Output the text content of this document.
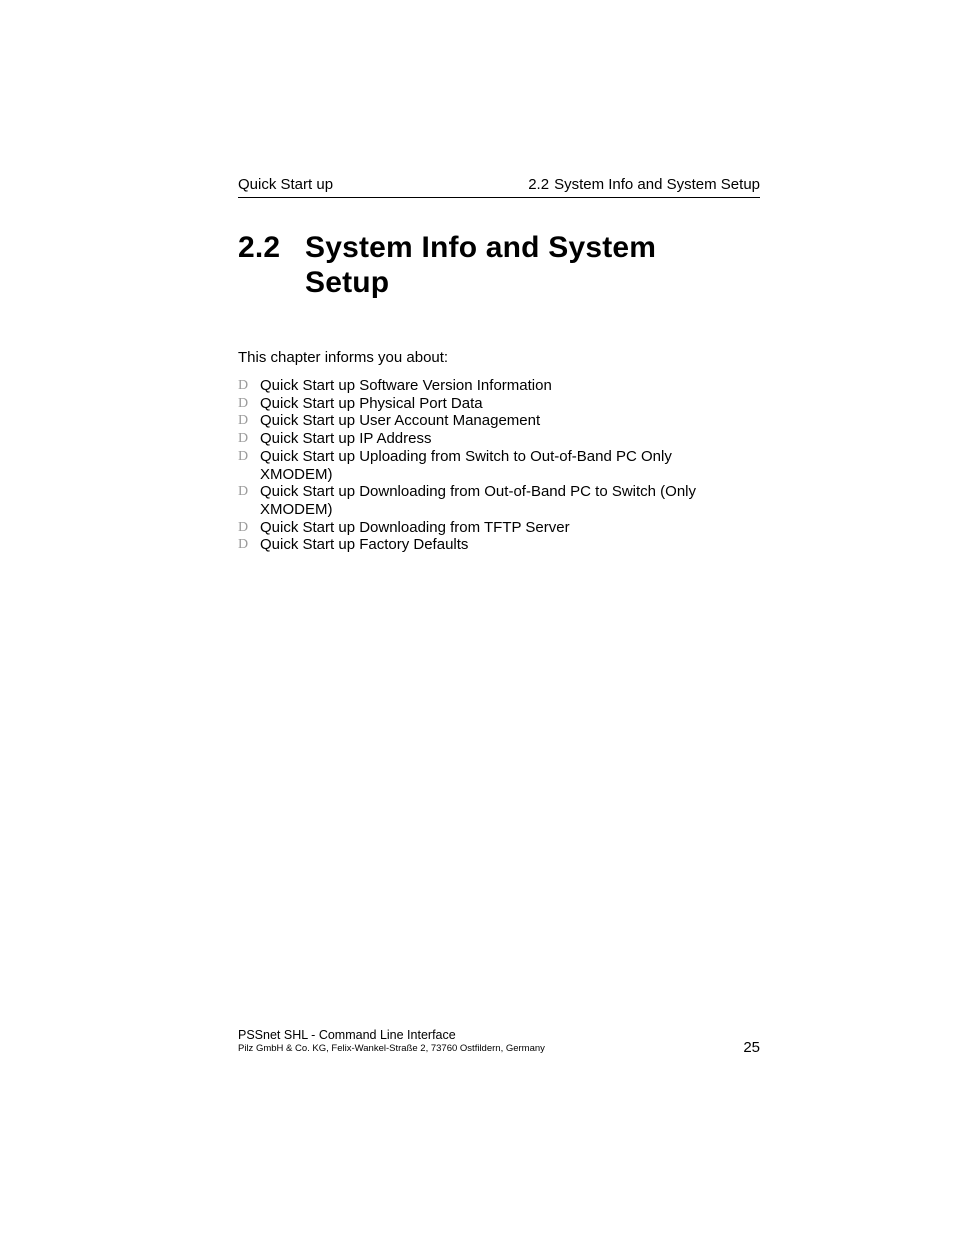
Quick Start up	2.2 System Info and System Setup
2.2 System Info and System Setup
This chapter informs you about:
D Quick Start up Software Version Information
D Quick Start up Physical Port Data
D Quick Start up User Account Management
D Quick Start up IP Address
D Quick Start up Uploading from Switch to Out-of-Band PC Only XMODEM)
D Quick Start up Downloading from Out-of-Band PC to Switch (Only XMODEM)
D Quick Start up Downloading from TFTP Server
D Quick Start up Factory Defaults
PSSnet SHL - Command Line Interface
Pilz GmbH & Co. KG, Felix-Wankel-Straße 2, 73760 Ostfildern, Germany	25
